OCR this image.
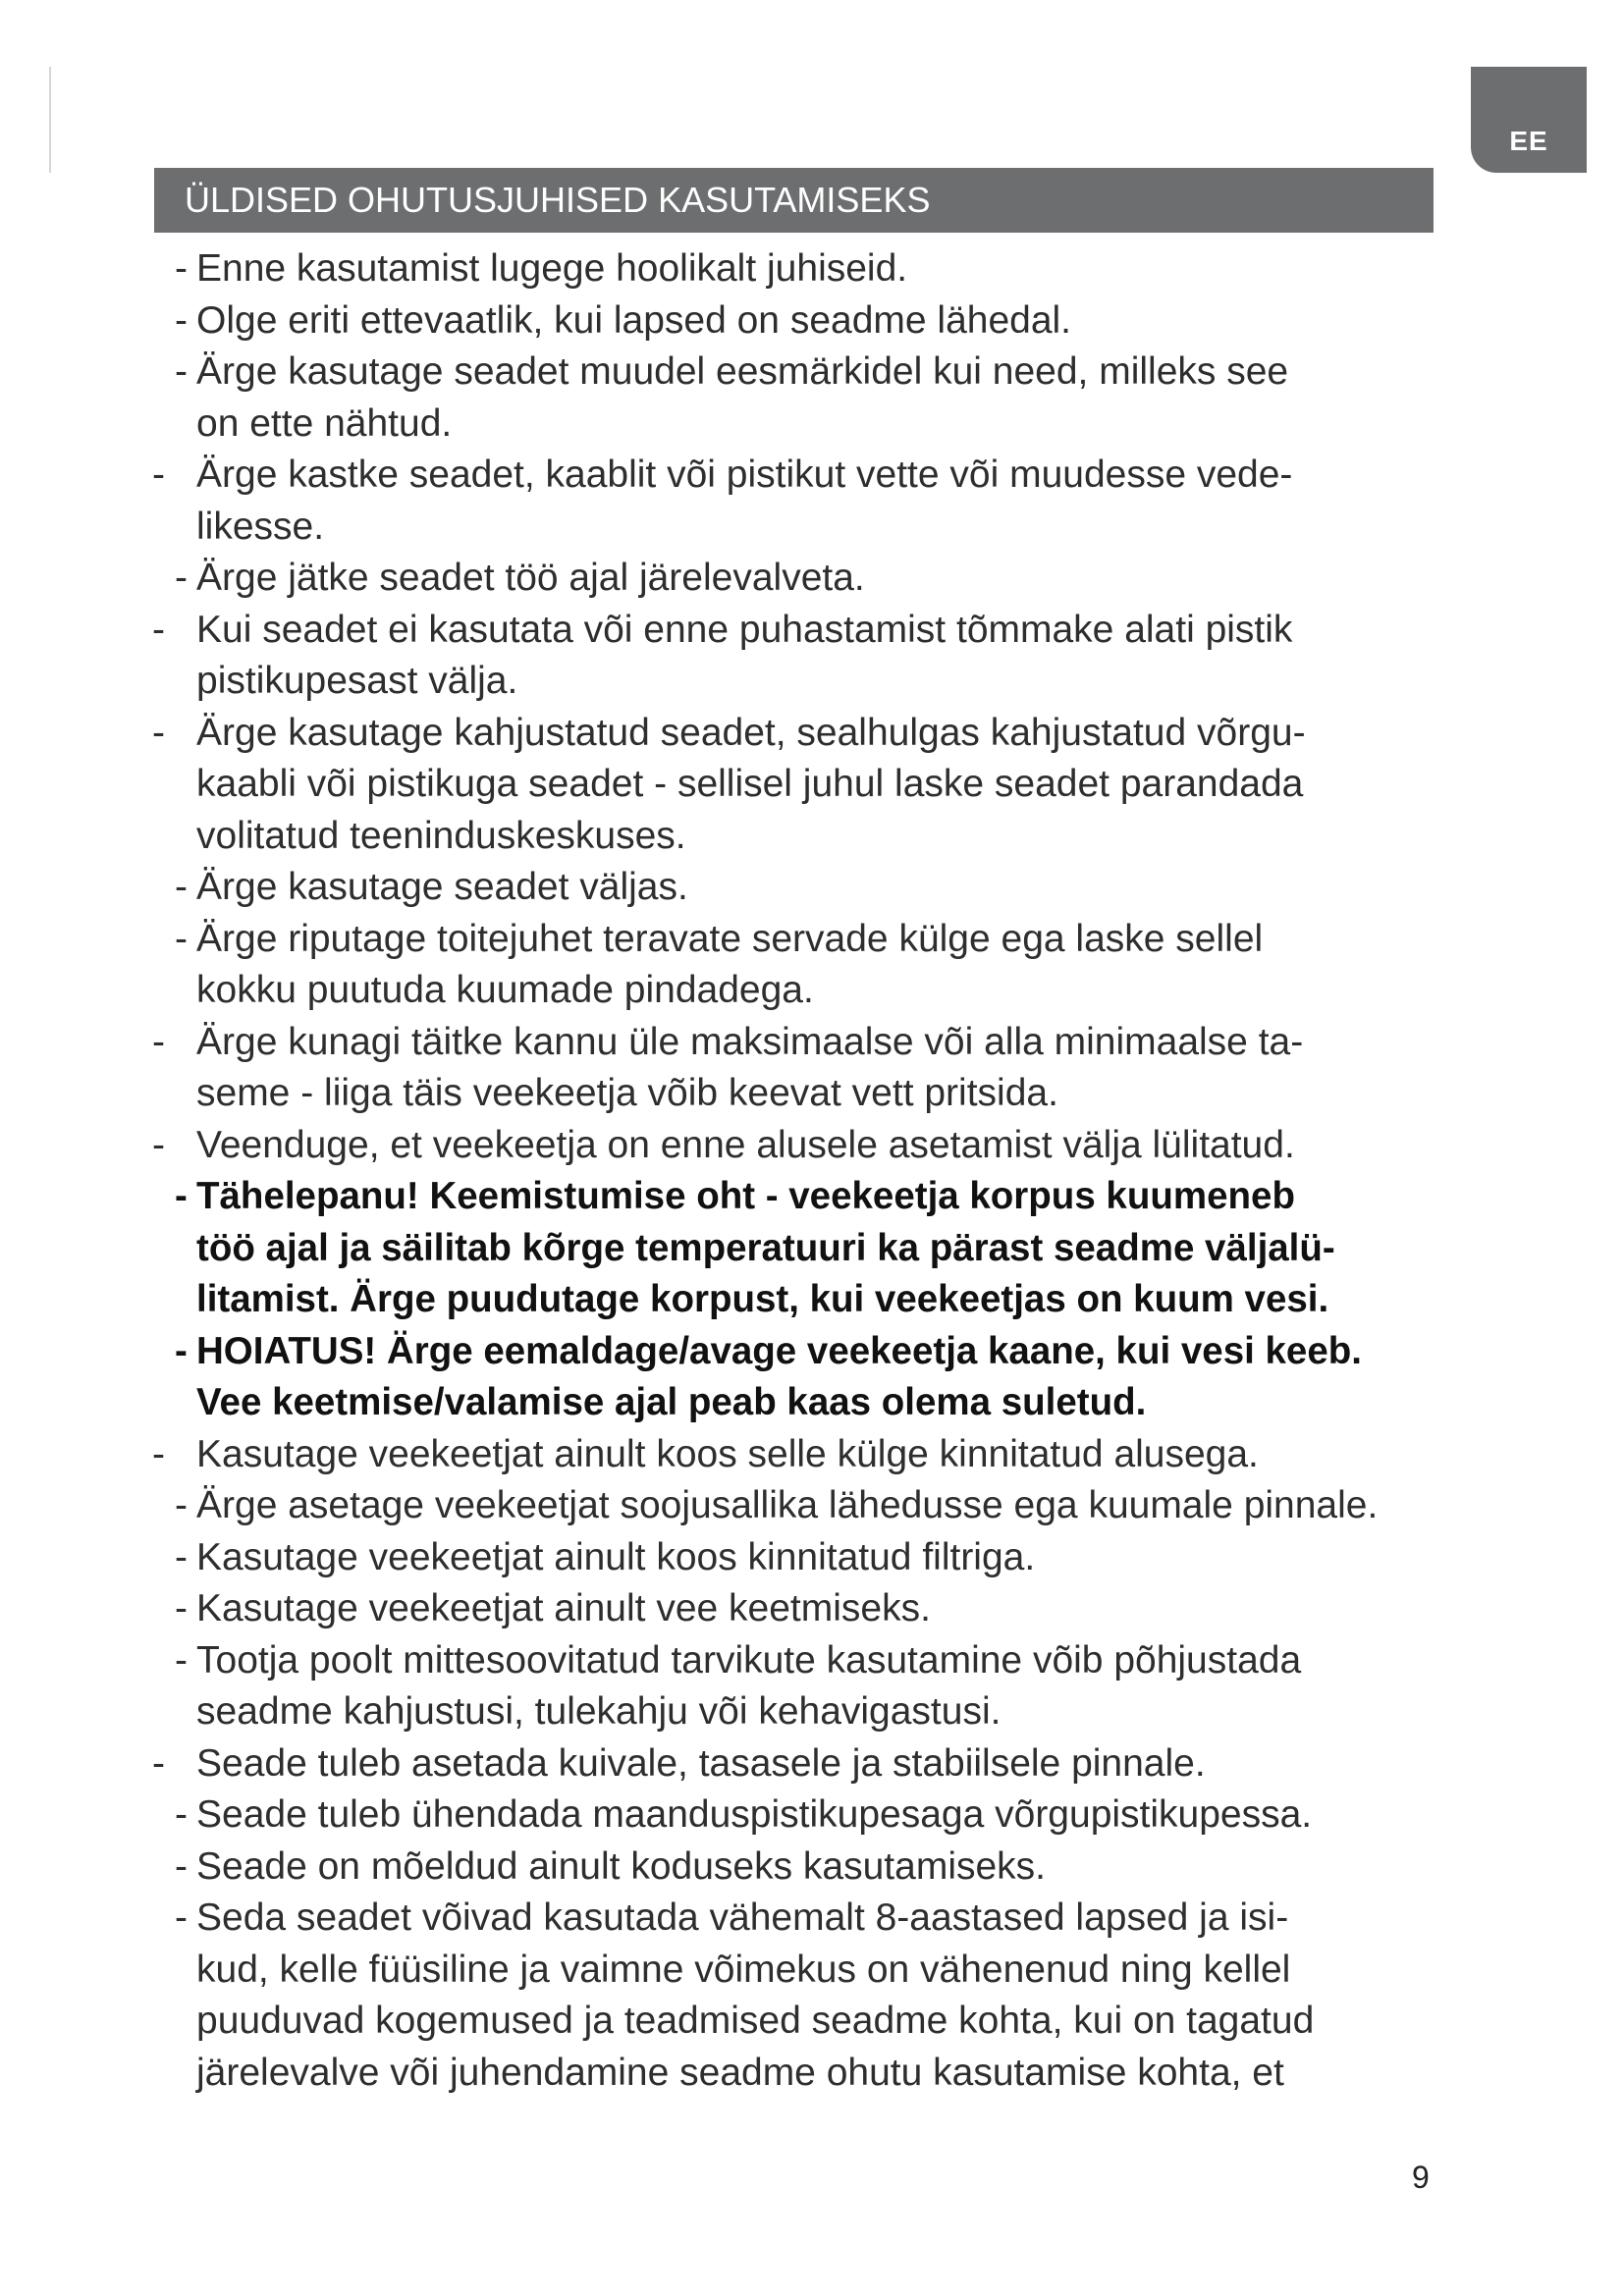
EE
ÜLDISED OHUTUSJUHISED KASUTAMISEKS
- Enne kasutamist lugege hoolikalt juhiseid.
- Olge eriti ettevaatlik, kui lapsed on seadme lähedal.
- Ärge kasutage seadet muudel eesmärkidel kui need, milleks see
on ette nähtud.
- Ärge kastke seadet, kaablit või pistikut vette või muudesse vede-
likesse.
- Ärge jätke seadet töö ajal järelevalveta.
- Kui seadet ei kasutata või enne puhastamist tõmmake alati pistik
pistikupesast välja.
- Ärge kasutage kahjustatud seadet, sealhulgas kahjustatud võrgu-
kaabli või pistikuga seadet - sellisel juhul laske seadet parandada
volitatud teeninduskeskuses.
- Ärge kasutage seadet väljas.
- Ärge riputage toitejuhet teravate servade külge ega laske sellel
kokku puutuda kuumade pindadega.
- Ärge kunagi täitke kannu üle maksimaalse või alla minimaalse ta-
seme - liiga täis veekeetja võib keevat vett pritsida.
- Veenduge, et veekeetja on enne alusele asetamist välja lülitatud.
- Tähelepanu! Keemistumise oht - veekeetja korpus kuumeneb
töö ajal ja säilitab kõrge temperatuuri ka pärast seadme väljalü-
litamist. Ärge puudutage korpust, kui veekeetjas on kuum vesi.
- HOIATUS! Ärge eemaldage/avage veekeetja kaane, kui vesi keeb.
Vee keetmise/valamise ajal peab kaas olema suletud.
- Kasutage veekeetjat ainult koos selle külge kinnitatud alusega.
- Ärge asetage veekeetjat soojusallika lähedusse ega kuumale pinnale.
- Kasutage veekeetjat ainult koos kinnitatud filtriga.
- Kasutage veekeetjat ainult vee keetmiseks.
- Tootja poolt mittesoovitatud tarvikute kasutamine võib põhjustada
seadme kahjustusi, tulekahju või kehavigastusi.
- Seade tuleb asetada kuivale, tasasele ja stabiilsele pinnale.
- Seade tuleb ühendada maanduspistikupesaga võrgupistikupessa.
- Seade on mõeldud ainult koduseks kasutamiseks.
- Seda seadet võivad kasutada vähemalt 8-aastased lapsed ja isi-
kud, kelle füüsiline ja vaimne võimekus on vähenenud ning kellel
puuduvad kogemused ja teadmised seadme kohta, kui on tagatud
järelevalve või juhendamine seadme ohutu kasutamise kohta, et
9
